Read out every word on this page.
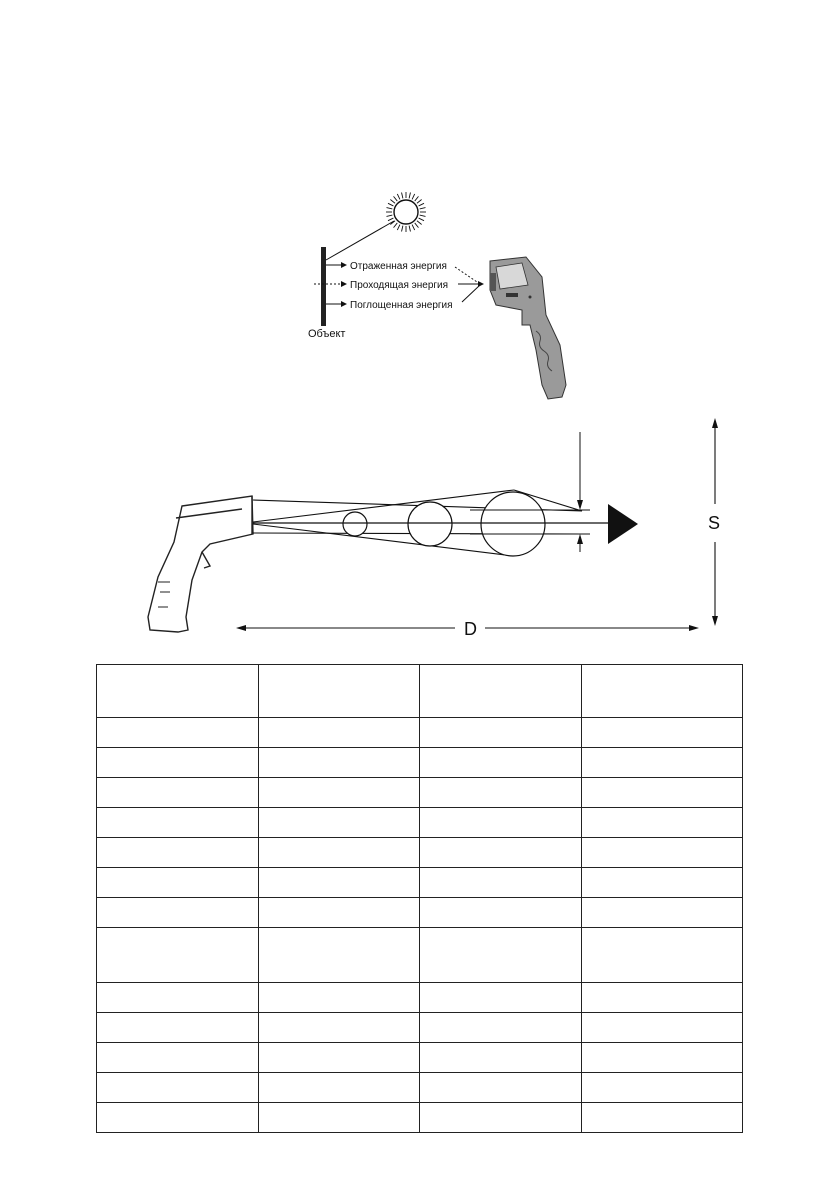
Объект
Отраженная энергия
Проходящая энергия
Поглощенная энергия
S
D
